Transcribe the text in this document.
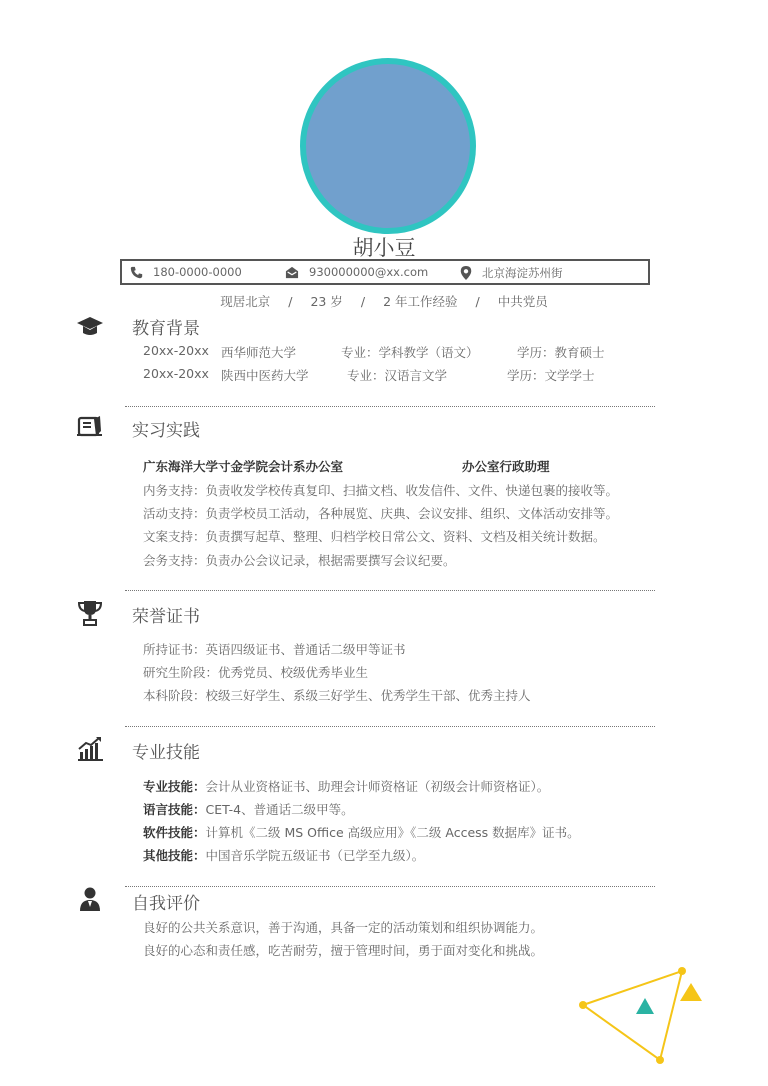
胡小豆
180-0000-0000	930000000@xx.com	北京海淀苏州街
现居北京 / 23 岁 / 2 年工作经验 / 中共党员
教育背景
20xx-20xx 西华师范大学	专业：学科教学（语文）	学历：教育硕士
20xx-20xx 陕西中医药大学	专业：汉语言文学	学历：文学学士
实习实践
广东海洋大学寸金学院会计系办公室	办公室行政助理
内务支持：负责收发学校传真复印、扫描文档、收发信件、文件、快递包裹的接收等。
活动支持：负责学校员工活动，各种展览、庆典、会议安排、组织、文体活动安排等。
文案支持：负责撰写起草、整理、归档学校日常公文、资料、文档及相关统计数据。
会务支持：负责办公会议记录，根据需要撰写会议纪要。
荣誉证书
所持证书：英语四级证书、普通话二级甲等证书
研究生阶段：优秀党员、校级优秀毕业生
本科阶段：校级三好学生、系级三好学生、优秀学生干部、优秀主持人
专业技能
专业技能：会计从业资格证书、助理会计师资格证（初级会计师资格证）。
语言技能：CET-4、普通话二级甲等。
软件技能：计算机《二级 MS Office 高级应用》《二级 Access 数据库》证书。
其他技能：中国音乐学院五级证书（已学至九级）。
自我评价
良好的公共关系意识，善于沟通，具备一定的活动策划和组织协调能力。
良好的心态和责任感，吃苦耐劳，擅于管理时间，勇于面对变化和挑战。
